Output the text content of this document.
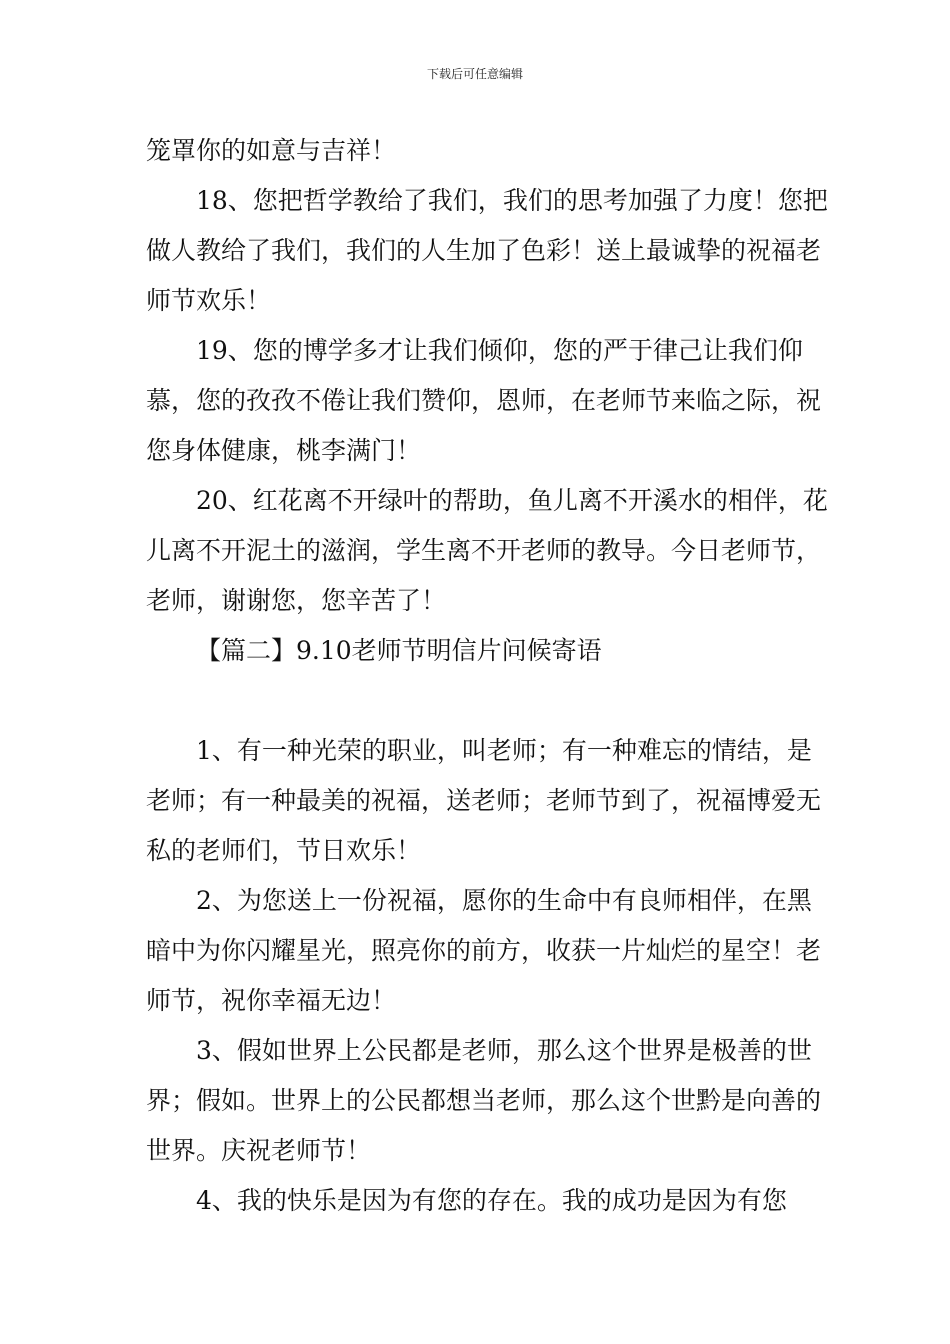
下载后可任意编辑

笼罩你的如意与吉祥！

18、您把哲学教给了我们，我们的思考加强了力度！您把做人教给了我们，我们的人生加了色彩！送上最诚挚的祝福老师节欢乐！

19、您的博学多才让我们倾仰，您的严于律己让我们仰慕，您的孜孜不倦让我们赞仰，恩师，在老师节来临之际，祝您身体健康，桃李满门！

20、红花离不开绿叶的帮助，鱼儿离不开溪水的相伴，花儿离不开泥土的滋润，学生离不开老师的教导。今日老师节，老师，谢谢您，您辛苦了！

【篇二】9.10老师节明信片问候寄语

1、有一种光荣的职业，叫老师；有一种难忘的情结，是老师；有一种最美的祝福，送老师；老师节到了，祝福博爱无私的老师们，节日欢乐！

2、为您送上一份祝福，愿你的生命中有良师相伴，在黑暗中为你闪耀星光，照亮你的前方，收获一片灿烂的星空！老师节，祝你幸福无边！

3、假如世界上公民都是老师，那么这个世界是极善的世界；假如。世界上的公民都想当老师，那么这个世黔是向善的世界。庆祝老师节！

4、我的快乐是因为有您的存在。我的成功是因为有您
